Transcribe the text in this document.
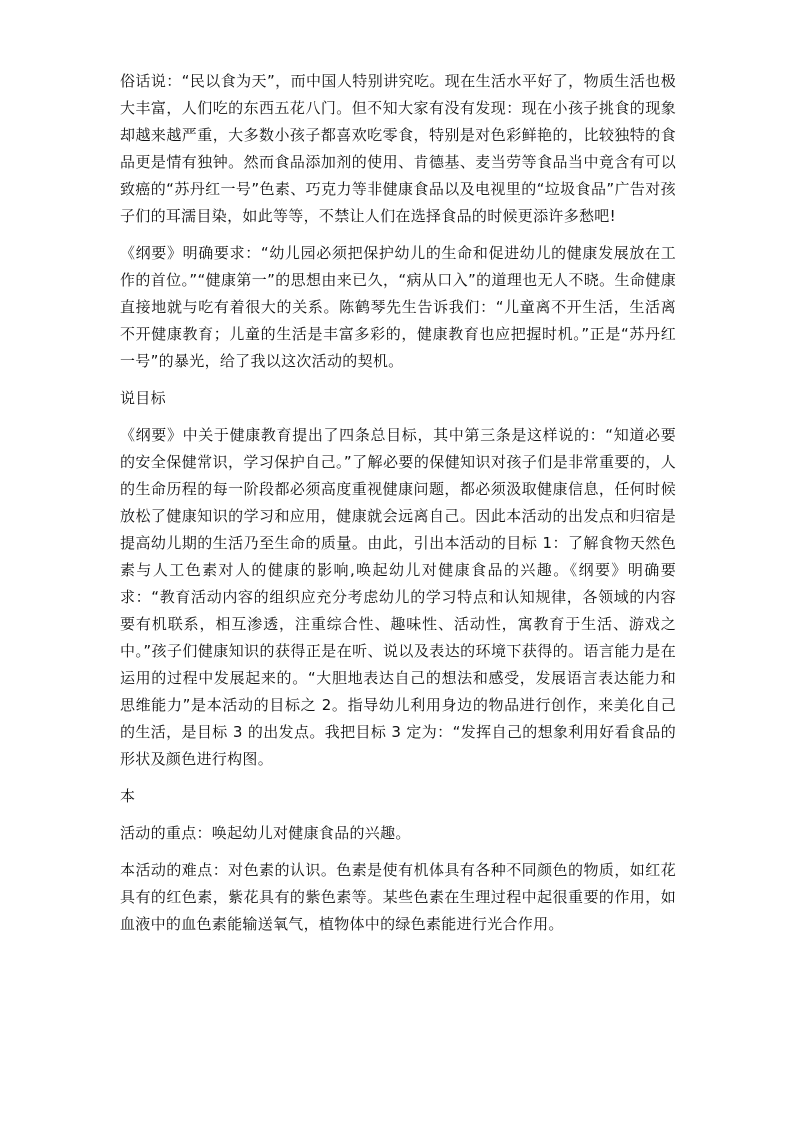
俗话说：“民以食为天”，而中国人特别讲究吃。现在生活水平好了，物质生活也极大丰富，人们吃的东西五花八门。但不知大家有没有发现：现在小孩子挑食的现象却越来越严重，大多数小孩子都喜欢吃零食，特别是对色彩鲜艳的，比较独特的食品更是情有独钟。然而食品添加剂的使用、肯德基、麦当劳等食品当中竟含有可以致癌的“苏丹红一号”色素、巧克力等非健康食品以及电视里的“垃圾食品”广告对孩子们的耳濡目染，如此等等，不禁让人们在选择食品的时候更添许多愁吧!

《纲要》明确要求：“幼儿园必须把保护幼儿的生命和促进幼儿的健康发展放在工作的首位。”“健康第一”的思想由来已久，“病从口入”的道理也无人不晓。生命健康直接地就与吃有着很大的关系。陈鹤琴先生告诉我们：“儿童离不开生活，生活离不开健康教育；儿童的生活是丰富多彩的，健康教育也应把握时机。”正是“苏丹红一号”的暴光，给了我以这次活动的契机。

说目标

《纲要》中关于健康教育提出了四条总目标，其中第三条是这样说的：“知道必要的安全保健常识，学习保护自己。”了解必要的保健知识对孩子们是非常重要的，人的生命历程的每一阶段都必须高度重视健康问题，都必须汲取健康信息，任何时候放松了健康知识的学习和应用，健康就会远离自己。因此本活动的出发点和归宿是提高幼儿期的生活乃至生命的质量。由此，引出本活动的目标 1：了解食物天然色素与人工色素对人的健康的影响,唤起幼儿对健康食品的兴趣。《纲要》明确要求：“教育活动内容的组织应充分考虑幼儿的学习特点和认知规律，各领域的内容要有机联系，相互渗透，注重综合性、趣味性、活动性，寓教育于生活、游戏之中。”孩子们健康知识的获得正是在听、说以及表达的环境下获得的。语言能力是在运用的过程中发展起来的。“大胆地表达自己的想法和感受，发展语言表达能力和思维能力”是本活动的目标之 2。指导幼儿利用身边的物品进行创作，来美化自己的生活，是目标 3 的出发点。我把目标 3 定为：“发挥自己的想象利用好看食品的形状及颜色进行构图。

本

活动的重点：唤起幼儿对健康食品的兴趣。

本活动的难点：对色素的认识。色素是使有机体具有各种不同颜色的物质，如红花具有的红色素，紫花具有的紫色素等。某些色素在生理过程中起很重要的作用，如血液中的血色素能输送氧气，植物体中的绿色素能进行光合作用。
